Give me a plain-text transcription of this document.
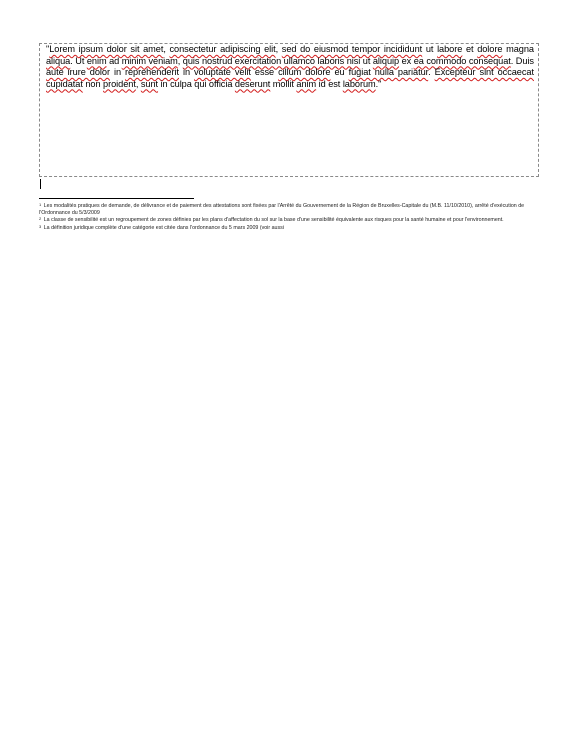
"Lorem ipsum dolor sit amet, consectetur adipiscing elit, sed do eiusmod tempor incididunt ut labore et dolore magna aliqua. Ut enim ad minim veniam, quis nostrud exercitation ullamco laboris nisi ut aliquip ex ea commodo consequat. Duis aute irure dolor in reprehenderit in voluptate velit esse cillum dolore eu fugiat nulla pariatur. Excepteur sint occaecat cupidatat non proident, sunt in culpa qui officia deserunt mollit anim id est laborum."

$^1$ Les modalités pratiques de demande, de délivrance et de paiement des attestations sont fixées par l'Arrêté du Gouvernement de la Région de Bruxelles-Capitale du (M.B. 11/10/2010), arrêté d'exécution de l'Ordonnance du 5/3/2009

$^2$ La classe de sensibilité est un regroupement de zones définies par les plans d'affectation du sol sur la base d'une sensibilité équivalente aux risques pour la santé humaine et pour l'environnement.

$^3$ La définition juridique complète d'une catégorie est citée dans l'ordonnance du 5 mars 2009 (voir aussi
